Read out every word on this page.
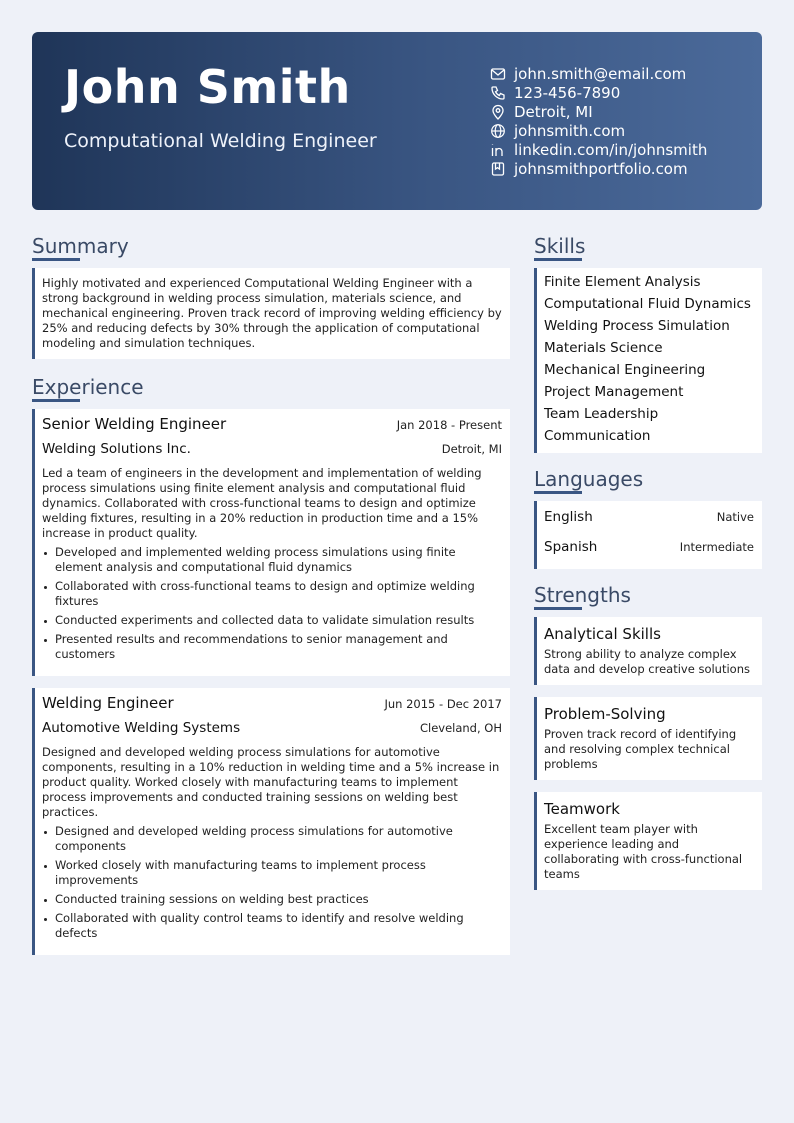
John Smith
Computational Welding Engineer
john.smith@email.com
123-456-7890
Detroit, MI
johnsmith.com
linkedin.com/in/johnsmith
johnsmithportfolio.com
Summary
Highly motivated and experienced Computational Welding Engineer with a strong background in welding process simulation, materials science, and mechanical engineering. Proven track record of improving welding efficiency by 25% and reducing defects by 30% through the application of computational modeling and simulation techniques.
Experience
Senior Welding Engineer	Jan 2018 - Present
Welding Solutions Inc.	Detroit, MI
Led a team of engineers in the development and implementation of welding process simulations using finite element analysis and computational fluid dynamics. Collaborated with cross-functional teams to design and optimize welding fixtures, resulting in a 20% reduction in production time and a 15% increase in product quality.
Developed and implemented welding process simulations using finite element analysis and computational fluid dynamics
Collaborated with cross-functional teams to design and optimize welding fixtures
Conducted experiments and collected data to validate simulation results
Presented results and recommendations to senior management and customers
Welding Engineer	Jun 2015 - Dec 2017
Automotive Welding Systems	Cleveland, OH
Designed and developed welding process simulations for automotive components, resulting in a 10% reduction in welding time and a 5% increase in product quality. Worked closely with manufacturing teams to implement process improvements and conducted training sessions on welding best practices.
Designed and developed welding process simulations for automotive components
Worked closely with manufacturing teams to implement process improvements
Conducted training sessions on welding best practices
Collaborated with quality control teams to identify and resolve welding defects
Skills
Finite Element Analysis
Computational Fluid Dynamics
Welding Process Simulation
Materials Science
Mechanical Engineering
Project Management
Team Leadership
Communication
Languages
English	Native
Spanish	Intermediate
Strengths
Analytical Skills
Strong ability to analyze complex data and develop creative solutions
Problem-Solving
Proven track record of identifying and resolving complex technical problems
Teamwork
Excellent team player with experience leading and collaborating with cross-functional teams
